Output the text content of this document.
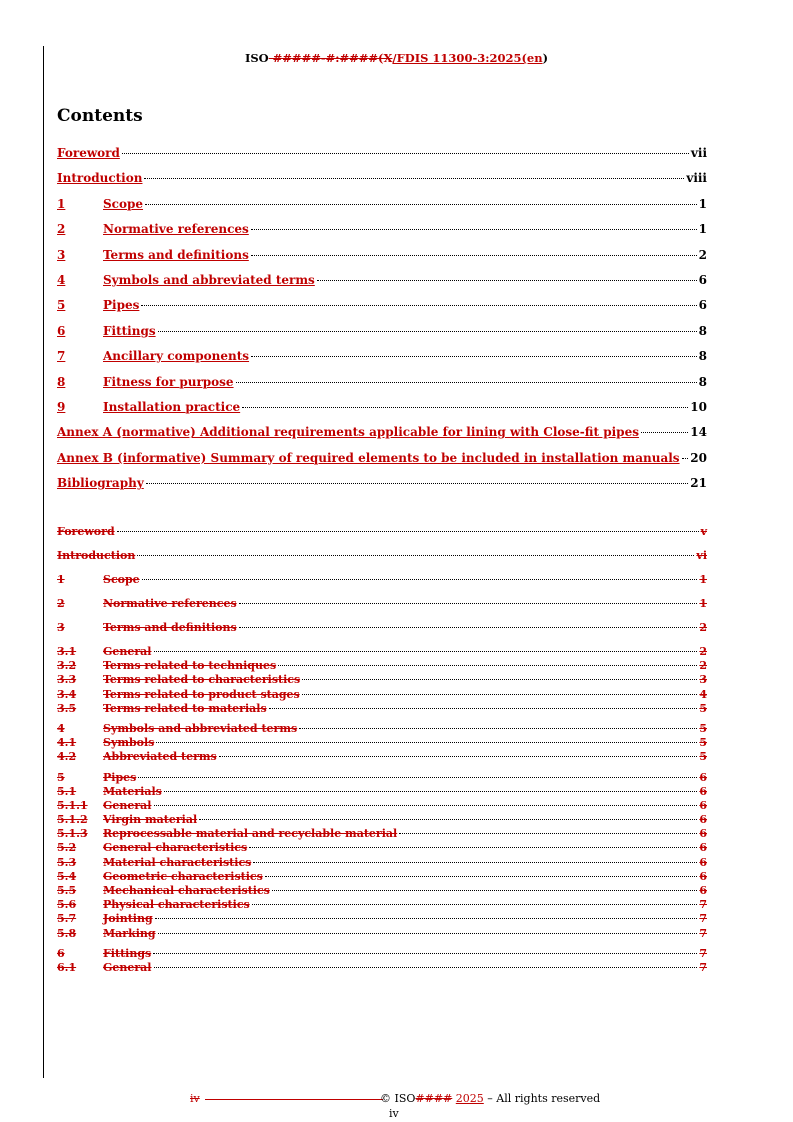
ISO #####-#:####(X/FDIS 11300-3:2025(en)
Contents
Foreword	vii
Introduction	viii
1	Scope	1
2	Normative references	1
3	Terms and definitions	2
4	Symbols and abbreviated terms	6
5	Pipes	6
6	Fittings	8
7	Ancillary components	8
8	Fitness for purpose	8
9	Installation practice	10
Annex A (normative) Additional requirements applicable for lining with Close-fit pipes	14
Annex B (informative) Summary of required elements to be included in installation manuals 20
Bibliography	21
Foreword	v
Introduction	vi
1	Scope	1
2	Normative references	1
3	Terms and definitions	2
3.1	General	2
3.2	Terms related to techniques	2
3.3	Terms related to characteristics	3
3.4	Terms related to product stages	4
3.5	Terms related to materials	5
4	Symbols and abbreviated terms	5
4.1	Symbols	5
4.2	Abbreviated terms	5
5	Pipes	6
5.1	Materials	6
5.1.1	General	6
5.1.2	Virgin material	6
5.1.3	Reprocessable material and recyclable material	6
5.2	General characteristics	6
5.3	Material characteristics	6
5.4	Geometric characteristics	6
5.5	Mechanical characteristics	6
5.6	Physical characteristics	7
5.7	Jointing	7
5.8	Marking	7
6	Fittings	7
6.1	General	7
iv	© ISO#### 2025 – All rights reserved
iv
